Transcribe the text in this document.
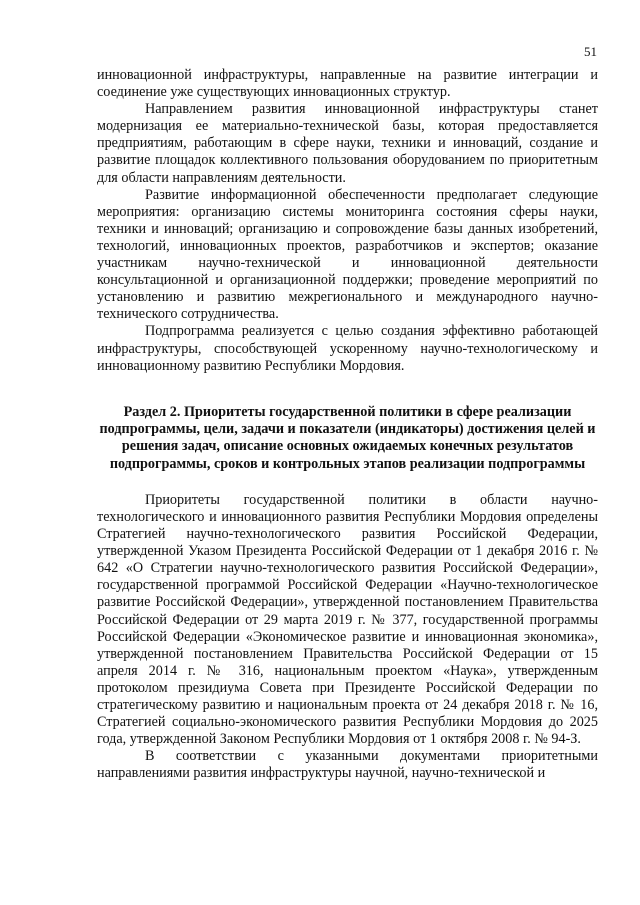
51

инновационной инфраструктуры, направленные на развитие интеграции и соединение уже существующих инновационных структур.

Направлением развития инновационной инфраструктуры станет модернизация ее материально-технической базы, которая предоставляется предприятиям, работающим в сфере науки, техники и инноваций, создание и развитие площадок коллективного пользования оборудованием по приоритетным для области направлениям деятельности.

Развитие информационной обеспеченности предполагает следующие мероприятия: организацию системы мониторинга состояния сферы науки, техники и инноваций; организацию и сопровождение базы данных изобретений, технологий, инновационных проектов, разработчиков и экспертов; оказание участникам научно-технической и инновационной деятельности консультационной и организационной поддержки; проведение мероприятий по установлению и развитию межрегионального и международного научно-технического сотрудничества.

Подпрограмма реализуется с целью создания эффективно работающей инфраструктуры, способствующей ускоренному научно-технологическому и инновационному развитию Республики Мордовия.

Раздел 2. Приоритеты государственной политики в сфере реализации подпрограммы, цели, задачи и показатели (индикаторы) достижения целей и решения задач, описание основных ожидаемых конечных результатов подпрограммы, сроков и контрольных этапов реализации подпрограммы

Приоритеты государственной политики в области научно-технологического и инновационного развития Республики Мордовия определены Стратегией научно-технологического развития Российской Федерации, утвержденной Указом Президента Российской Федерации от 1 декабря 2016 г. № 642 «О Стратегии научно-технологического развития Российской Федерации», государственной программой Российской Федерации «Научно-технологическое развитие Российской Федерации», утвержденной постановлением Правительства Российской Федерации от 29 марта 2019 г. № 377, государственной программы Российской Федерации «Экономическое развитие и инновационная экономика», утвержденной постановлением Правительства Российской Федерации от 15 апреля 2014 г. № 316, национальным проектом «Наука», утвержденным протоколом президиума Совета при Президенте Российской Федерации по стратегическому развитию и национальным проекта от 24 декабря 2018 г. № 16, Стратегией социально-экономического развития Республики Мордовия до 2025 года, утвержденной Законом Республики Мордовия от 1 октября 2008 г. № 94-З.

В соответствии с указанными документами приоритетными направлениями развития инфраструктуры научной, научно-технической и
